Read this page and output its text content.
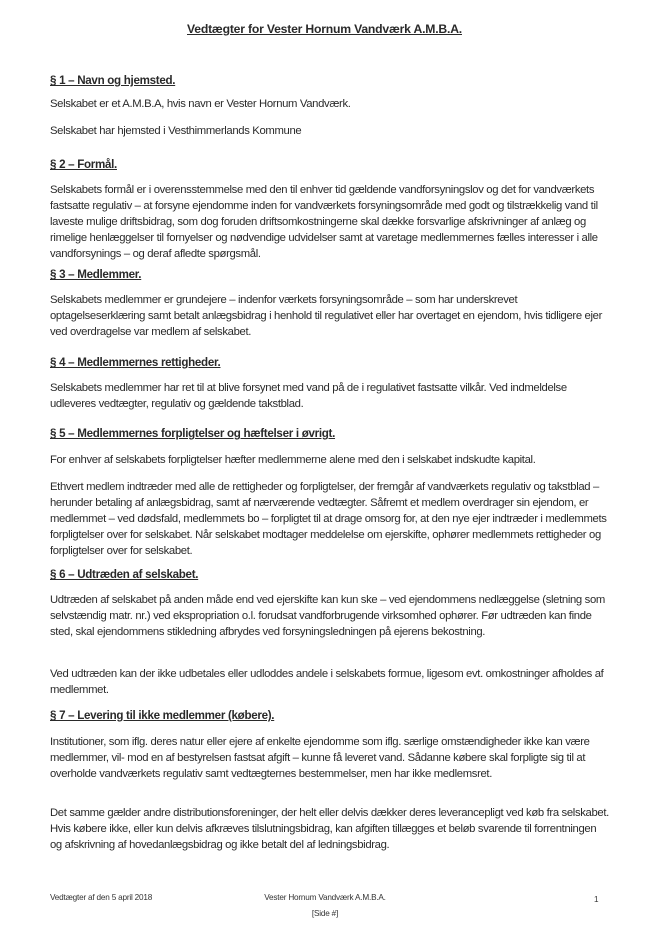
Vedtægter for Vester Hornum Vandværk A.M.B.A.
§ 1 – Navn og hjemsted.
Selskabet er et A.M.B.A, hvis navn er Vester Hornum Vandværk.
Selskabet har hjemsted i Vesthimmerlands Kommune
§ 2 – Formål.
Selskabets formål er i overensstemmelse med den til enhver tid gældende vandforsyningslov og det for vandværkets fastsatte regulativ – at forsyne ejendomme inden for vandværkets forsyningsområde med godt og tilstrækkelig vand til laveste mulige driftsbidrag, som dog foruden driftsomkostningerne skal dække forsvarlige afskrivninger af anlæg og rimelige henlæggelser til fornyelser og nødvendige udvidelser samt at varetage medlemmernes fælles interesser i alle vandforsynings – og deraf afledte spørgsmål.
§ 3 – Medlemmer.
Selskabets medlemmer er grundejere – indenfor værkets forsyningsområde – som har underskrevet optagelseserklæring samt betalt anlægsbidrag i henhold til regulativet eller har overtaget en ejendom, hvis tidligere ejer ved overdragelse var medlem af selskabet.
§ 4 – Medlemmernes rettigheder.
Selskabets medlemmer har ret til at blive forsynet med vand på de i regulativet fastsatte vilkår. Ved indmeldelse udleveres vedtægter, regulativ og gældende takstblad.
§ 5 – Medlemmernes forpligtelser og hæftelser i øvrigt.
For enhver af selskabets forpligtelser hæfter medlemmerne alene med den i selskabet indskudte kapital.
Ethvert medlem indtræder med alle de rettigheder og forpligtelser, der fremgår af vandværkets regulativ og takstblad – herunder betaling af anlægsbidrag, samt af nærværende vedtægter. Såfremt et medlem overdrager sin ejendom, er medlemmet – ved dødsfald, medlemmets bo – forpligtet til at drage omsorg for, at den nye ejer indtræder i medlemmets forpligtelser over for selskabet. Når selskabet modtager meddelelse om ejerskifte, ophører medlemmets rettigheder og forpligtelser over for selskabet.
§ 6 – Udtræden af selskabet.
Udtræden af selskabet på anden måde end ved ejerskifte kan kun ske – ved ejendommens nedlæggelse (sletning som selvstændig matr. nr.) ved ekspropriation o.l. forudsat vandforbrugende virksomhed ophører. Før udtræden kan finde sted, skal ejendommens stikledning afbrydes ved forsyningsledningen på ejerens bekostning.
Ved udtræden kan der ikke udbetales eller udloddes andele i selskabets formue, ligesom evt. omkostninger afholdes af medlemmet.
§ 7 – Levering til ikke medlemmer (købere).
Institutioner, som iflg. deres natur eller ejere af enkelte ejendomme som iflg. særlige omstændigheder ikke kan være medlemmer, vil- mod en af bestyrelsen fastsat afgift – kunne få leveret vand. Sådanne købere skal forpligte sig til at overholde vandværkets regulativ samt vedtægternes bestemmelser, men har ikke medlemsret.
Det samme gælder andre distributionsforeninger, der helt eller delvis dækker deres leverancepligt ved køb fra selskabet. Hvis købere ikke, eller kun delvis afkræves tilslutningsbidrag, kan afgiften tillægges et beløb svarende til forrentningen og afskrivning af hovedanlægsbidrag og ikke betalt del af ledningsbidrag.
Vedtægter af den 5 april 2018	Vester Hornum Vandværk A.M.B.A.
[Side #]
1
